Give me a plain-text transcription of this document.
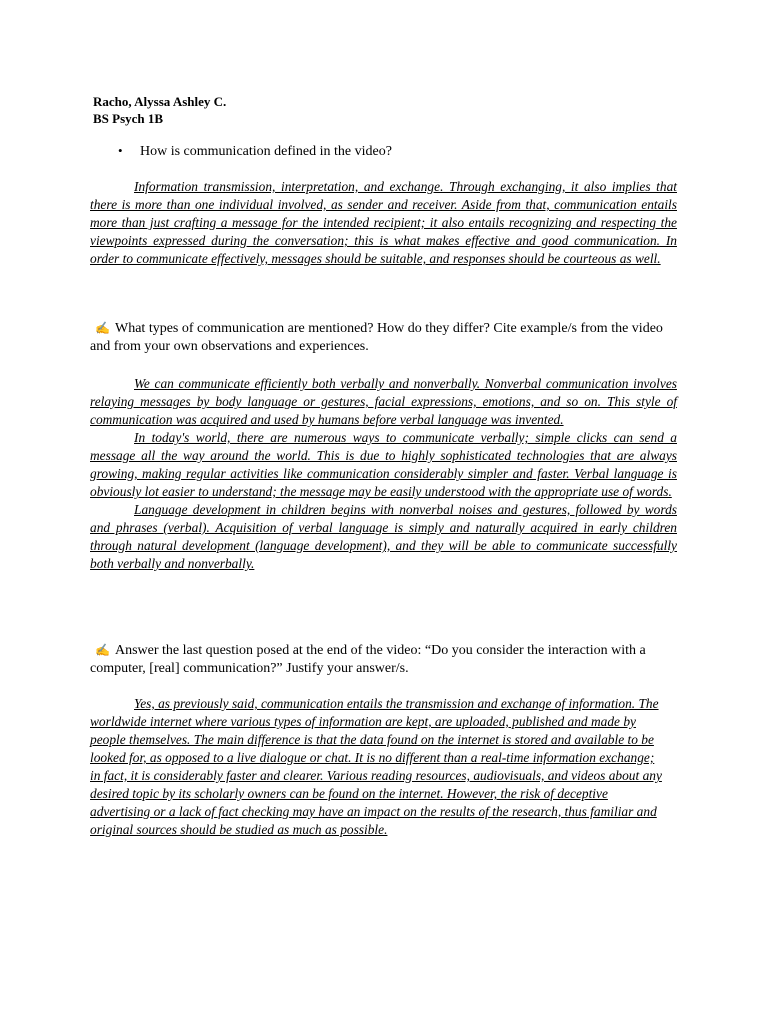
Racho, Alyssa Ashley C.
BS Psych 1B
• How is communication defined in the video?

Information transmission, interpretation, and exchange. Through exchanging, it also implies that there is more than one individual involved, as sender and receiver. Aside from that, communication entails more than just crafting a message for the intended recipient; it also entails recognizing and respecting the viewpoints expressed during the conversation; this is what makes effective and good communication. In order to communicate effectively, messages should be suitable, and responses should be courteous as well.

✍ What types of communication are mentioned? How do they differ? Cite example/s from the video and from your own observations and experiences.

We can communicate efficiently both verbally and nonverbally. Nonverbal communication involves relaying messages by body language or gestures, facial expressions, emotions, and so on. This style of communication was acquired and used by humans before verbal language was invented.

In today's world, there are numerous ways to communicate verbally; simple clicks can send a message all the way around the world. This is due to highly sophisticated technologies that are always growing, making regular activities like communication considerably simpler and faster. Verbal language is obviously lot easier to understand; the message may be easily understood with the appropriate use of words.

Language development in children begins with nonverbal noises and gestures, followed by words and phrases (verbal). Acquisition of verbal language is simply and naturally acquired in early children through natural development (language development), and they will be able to communicate successfully both verbally and nonverbally.

✍ Answer the last question posed at the end of the video: “Do you consider the interaction with a computer, [real] communication?” Justify your answer/s.
Yes, as previously said, communication entails the transmission and exchange of information. The worldwide internet where various types of information are kept, are uploaded, published and made by people themselves. The main difference is that the data found on the internet is stored and available to be looked for, as opposed to a live dialogue or chat. It is no different than a real-time information exchange; in fact, it is considerably faster and clearer. Various reading resources, audiovisuals, and videos about any desired topic by its scholarly owners can be found on the internet. However, the risk of deceptive advertising or a lack of fact checking may have an impact on the results of the research, thus familiar and original sources should be studied as much as possible.
